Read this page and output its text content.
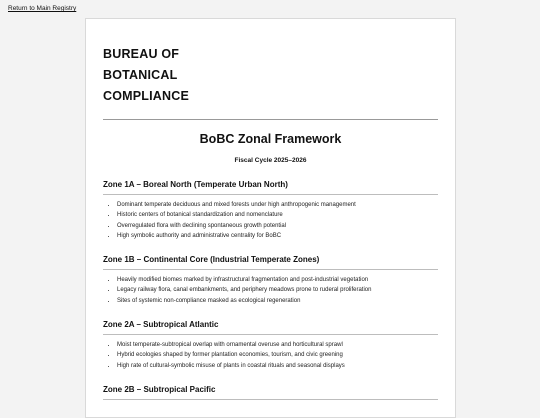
Return to Main Registry
BUREAU OF
BOTANICAL
COMPLIANCE
BoBC Zonal Framework
Fiscal Cycle 2025–2026
Zone 1A – Boreal North (Temperate Urban North)
• Dominant temperate deciduous and mixed forests under high anthropogenic management
• Historic centers of botanical standardization and nomenclature
• Overregulated flora with declining spontaneous growth potential
• High symbolic authority and administrative centrality for BoBC
Zone 1B – Continental Core (Industrial Temperate Zones)
• Heavily modified biomes marked by infrastructural fragmentation and post-industrial vegetation
• Legacy railway flora, canal embankments, and periphery meadows prone to ruderal proliferation
• Sites of systemic non-compliance masked as ecological regeneration
Zone 2A – Subtropical Atlantic
• Moist temperate-subtropical overlap with ornamental overuse and horticultural sprawl
• Hybrid ecologies shaped by former plantation economies, tourism, and civic greening
• High rate of cultural-symbolic misuse of plants in coastal rituals and seasonal displays
Zone 2B – Subtropical Pacific
